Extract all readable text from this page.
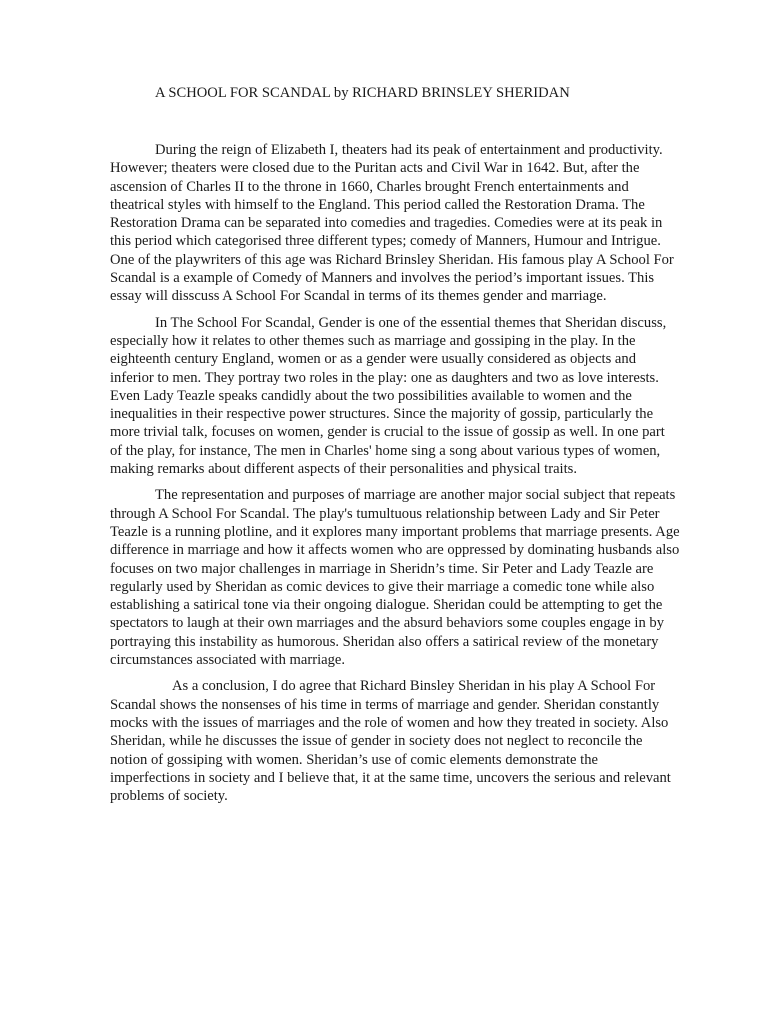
A SCHOOL FOR SCANDAL by RICHARD BRINSLEY SHERIDAN

During the reign of Elizabeth I, theaters had its peak of entertainment and productivity. However; theaters were closed due to the Puritan acts and Civil War in 1642. But, after the ascension of Charles II to the throne in 1660, Charles brought French entertainments and theatrical styles with himself to the England. This period called the Restoration Drama. The Restoration Drama can be separated into comedies and tragedies. Comedies were at its peak in this period which categorised three different types; comedy of Manners, Humour and Intrigue. One of the playwriters of this age was Richard Brinsley Sheridan. His famous play A School For Scandal is a example of Comedy of Manners and involves the period’s important issues. This essay will disscuss A School For Scandal in terms of its themes gender and marriage.

In The School For Scandal, Gender is one of the essential themes that Sheridan discuss, especially how it relates to other themes such as marriage and gossiping in the play. In the eighteenth century England, women or as a gender were usually considered as objects and inferior to men. They portray two roles in the play: one as daughters and two as love interests. Even Lady Teazle speaks candidly about the two possibilities available to women and the inequalities in their respective power structures. Since the majority of gossip, particularly the more trivial talk, focuses on women, gender is crucial to the issue of gossip as well. In one part of the play, for instance, The men in Charles' home sing a song about various types of women, making remarks about different aspects of their personalities and physical traits.

The representation and purposes of marriage are another major social subject that repeats through A School For Scandal. The play's tumultuous relationship between Lady and Sir Peter Teazle is a running plotline, and it explores many important problems that marriage presents. Age difference in marriage and how it affects women who are oppressed by dominating husbands also focuses on two major challenges in marriage in Sheridn’s time. Sir Peter and Lady Teazle are regularly used by Sheridan as comic devices to give their marriage a comedic tone while also establishing a satirical tone via their ongoing dialogue. Sheridan could be attempting to get the spectators to laugh at their own marriages and the absurd behaviors some couples engage in by portraying this instability as humorous. Sheridan also offers a satirical review of the monetary circumstances associated with marriage.

As a conclusion, I do agree that Richard Binsley Sheridan in his play A School For Scandal shows the nonsenses of his time in terms of marriage and gender. Sheridan constantly mocks with the issues of marriages and the role of women and how they treated in society. Also Sheridan, while he discusses the issue of gender in society does not neglect to reconcile the notion of gossiping with women. Sheridan’s use of comic elements demonstrate the imperfections in society and I believe that, it at the same time, uncovers the serious and relevant problems of society.
